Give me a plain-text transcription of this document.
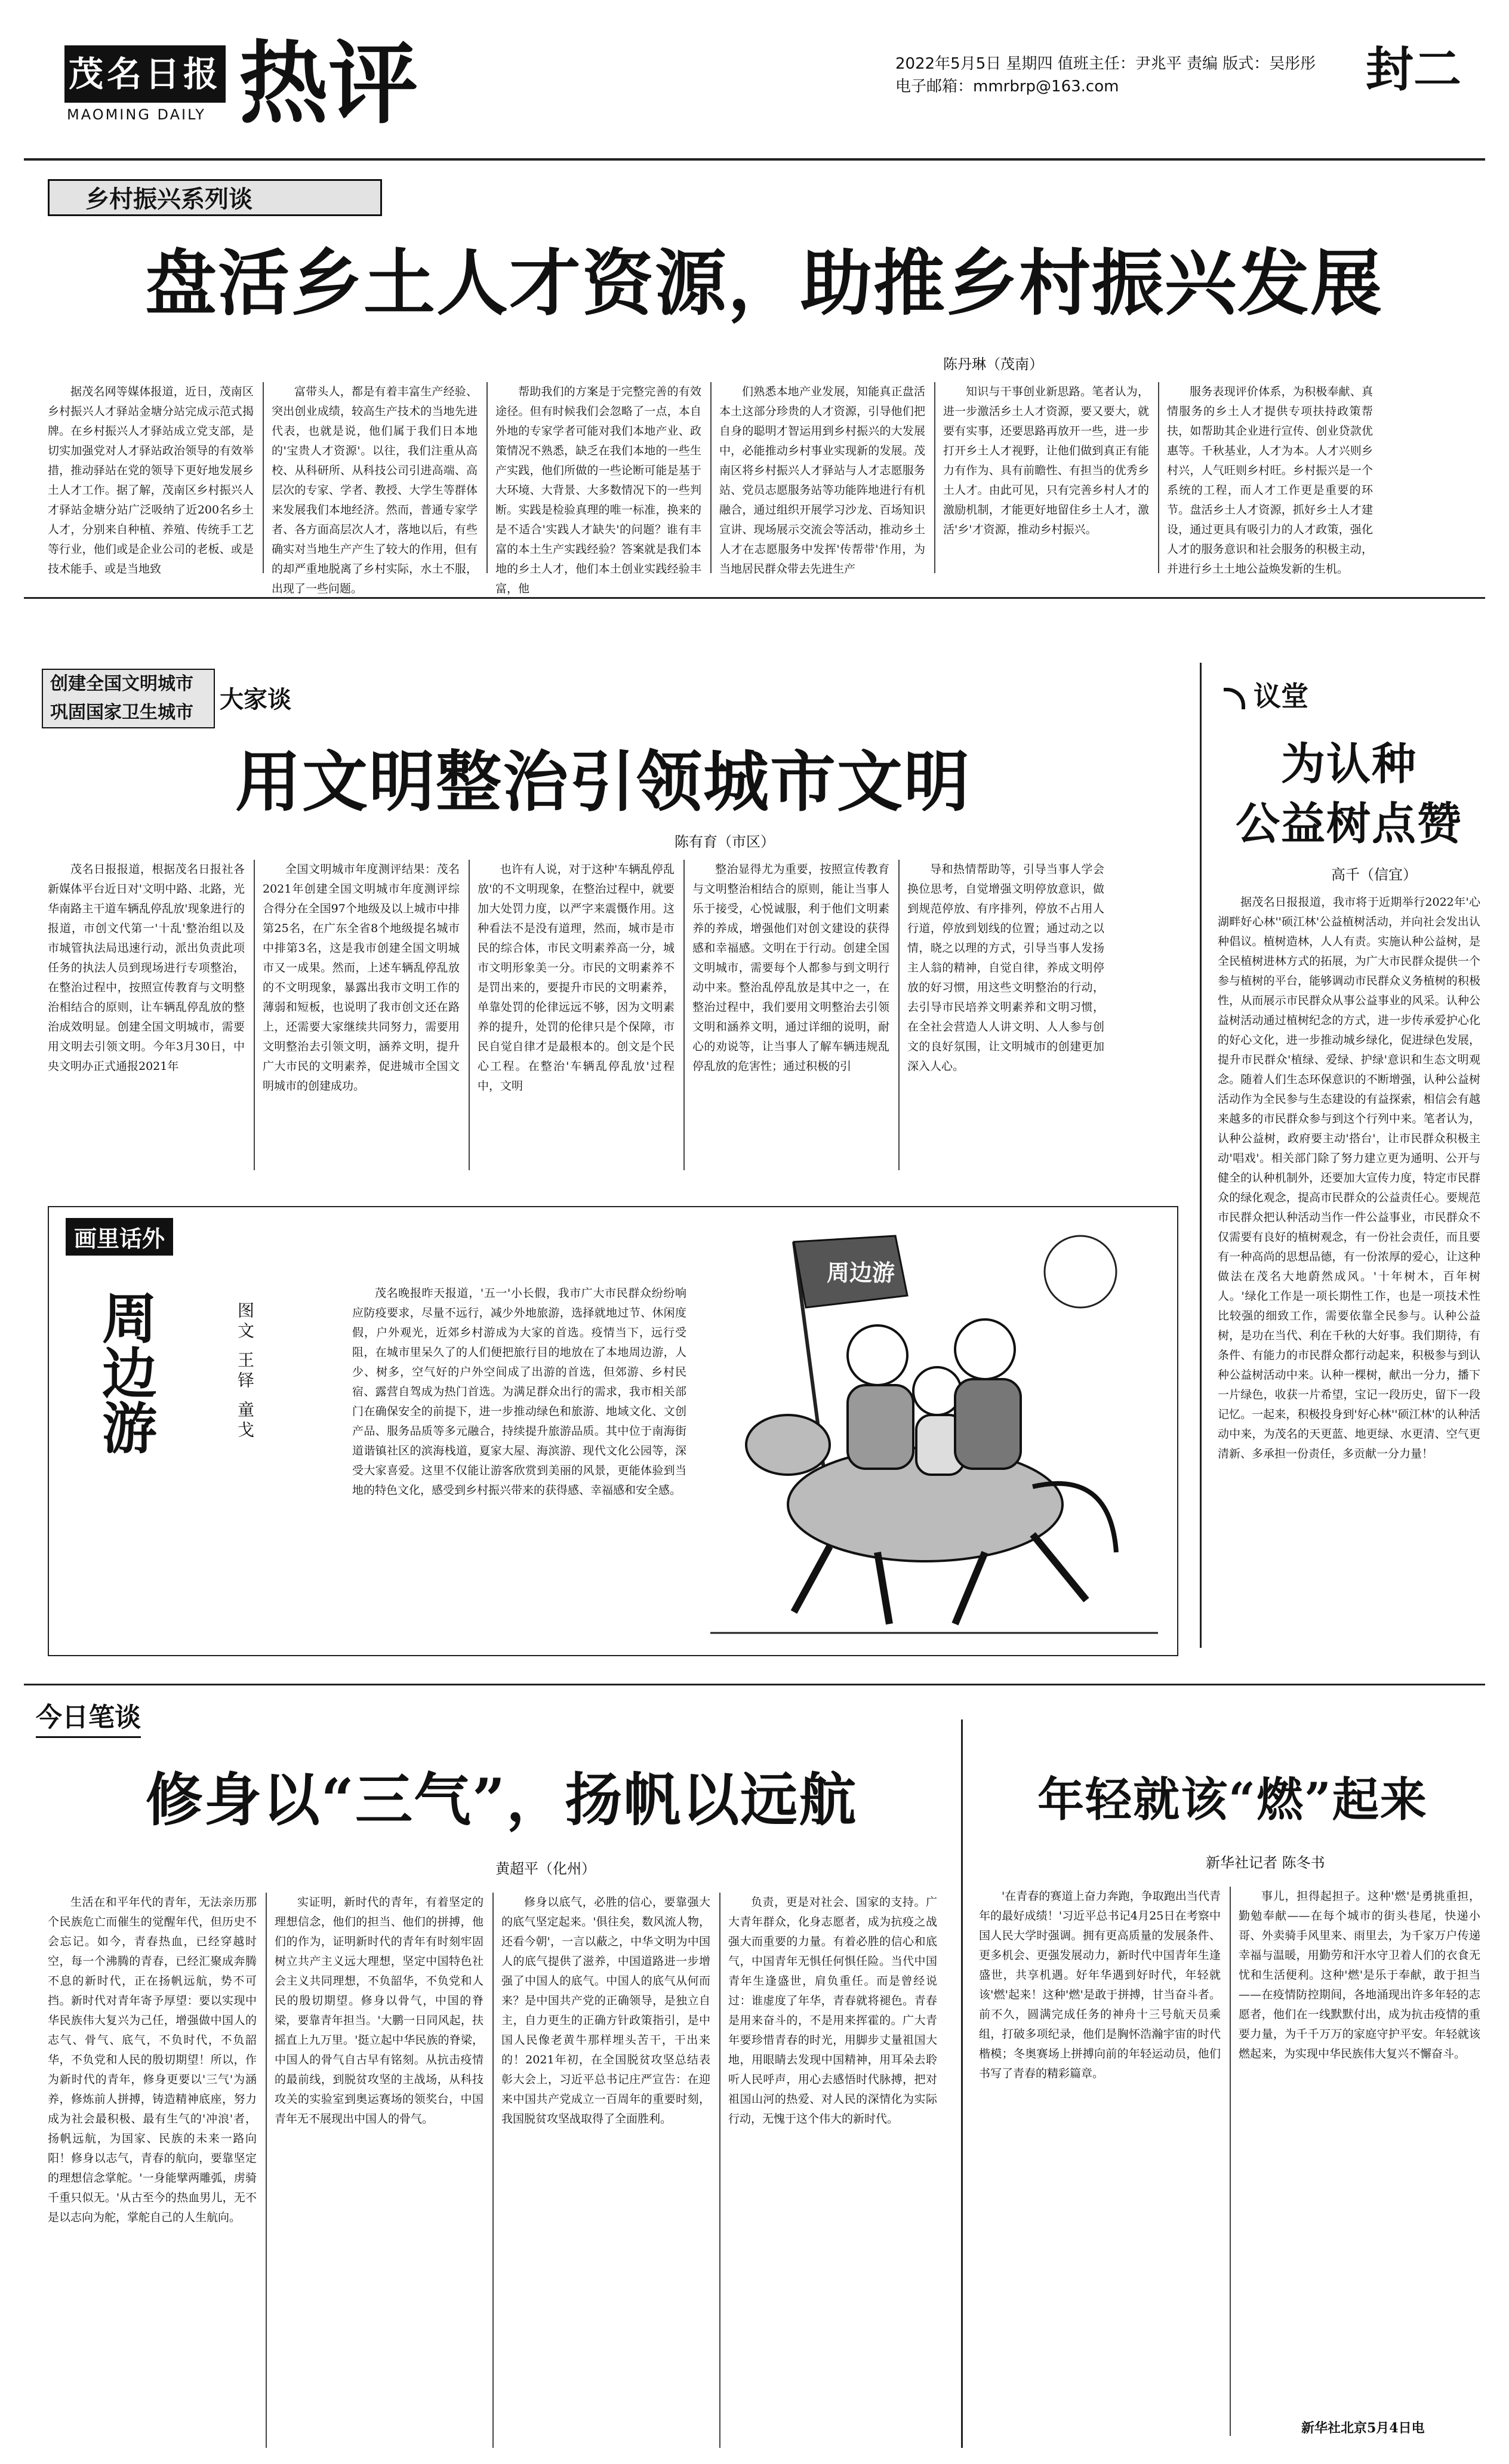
茂名日报
MAOMING DAILY 热评	2022年5月5日 星期四 值班主任：尹兆平 责编 版式：吴彤彤
电子邮箱：mmrbrp@163.com	封二
乡村振兴系列谈
盘活乡土人才资源，助推乡村振兴发展
陈丹琳（茂南）

据茂名网等媒体报道，近日，茂南区乡村振兴人才驿站金塘分站完成示范式揭牌。在乡村振兴人才驿站成立党支部，是切实加强党对人才驿站政治领导的有效举措，推动驿站在党的领导下更好地发展乡土人才工作。据了解，茂南区乡村振兴人才驿站金塘分站广泛吸纳了近200名乡土人才，分别来自种植、养殖、传统手工艺等行业，他们或是企业公司的老板、或是技术能手、或是当地致

富带头人，都是有着丰富生产经验、突出创业成绩，较高生产技术的当地先进代表，也就是说，他们属于我们日本地的'宝贵人才资源'。以往，我们注重从高校、从科研所、从科技公司引进高端、高层次的专家、学者、教授、大学生等群体来发展我们本地经济。然而，普通专家学者、各方面高层次人才，落地以后，有些确实对当地生产产生了较大的作用，但有的却严重地脱离了乡村实际，水土不服，出现了一些问题。

帮助我们的方案是于完整完善的有效途径。但有时候我们会忽略了一点，本自外地的专家学者可能对我们本地产业、政策情况不熟悉，缺乏在我们本地的一些生产实践，他们所做的一些论断可能是基于大环境、大背景、大多数情况下的一些判断。实践是检验真理的唯一标准，换来的是不适合'实践人才缺失'的问题？谁有丰富的本土生产实践经验？答案就是我们本地的乡土人才，他们本土创业实践经验丰富，他

们熟悉本地产业发展，知能真正盘活本土这部分珍贵的人才资源，引导他们把自身的聪明才智运用到乡村振兴的大发展中，必能推动乡村事业实现新的发展。茂南区将乡村振兴人才驿站与人才志愿服务站、党员志愿服务站等功能阵地进行有机融合，通过组织开展学习沙龙、百场知识宣讲、现场展示交流会等活动，推动乡土人才在志愿服务中发挥'传帮带'作用，为当地居民群众带去先进生产

知识与干事创业新思路。笔者认为，进一步激活乡土人才资源，要又要大，就要有实事，还要思路再放开一些，进一步打开乡土人才视野，让他们做到真正有能力有作为、具有前瞻性、有担当的优秀乡土人才。由此可见，只有完善乡村人才的激励机制，才能更好地留住乡土人才，激活'乡'才资源，推动乡村振兴。

服务表现评价体系，为积极奉献、真情服务的乡土人才提供专项扶持政策帮扶，如帮助其企业进行宣传、创业贷款优惠等。千秋基业，人才为本。人才兴则乡村兴，人气旺则乡村旺。乡村振兴是一个系统的工程，而人才工作更是重要的环节。盘活乡土人才资源，抓好乡土人才建设，通过更具有吸引力的人才政策，强化人才的服务意识和社会服务的积极主动，并进行乡土土地公益焕发新的生机。

创建全国文明城市
巩固国家卫生城市	大家谈
用文明整治引领城市文明
陈有育（市区）

茂名日报报道，根据茂名日报社各新媒体平台近日对'文明中路、北路，光华南路主干道车辆乱停乱放'现象进行的报道，市创文代第一'十乱'整治组以及市城管执法局迅速行动，派出负责此项任务的执法人员到现场进行专项整治，在整治过程中，按照宣传教育与文明整治相结合的原则，让车辆乱停乱放的整治成效明显。创建全国文明城市，需要用文明去引领文明。今年3月30日，中央文明办正式通报2021年

全国文明城市年度测评结果：茂名2021年创建全国文明城市年度测评综合得分在全国97个地级及以上城市中排第25名，在广东全省8个地级提名城市中排第3名，这是我市创建全国文明城市又一成果。然而，上述车辆乱停乱放的不文明现象，暴露出我市文明工作的薄弱和短板，也说明了我市创文还在路上，还需要大家继续共同努力，需要用文明整治去引领文明，涵养文明，提升广大市民的文明素养，促进城市全国文明城市的创建成功。

也许有人说，对于这种'车辆乱停乱放'的不文明现象，在整治过程中，就要加大处罚力度，以严字来震慑作用。这种看法不是没有道理，然而，城市是市民的综合体，市民文明素养高一分，城市文明形象美一分。市民的文明素养不是罚出来的，要提升市民的文明素养，单靠处罚的伦律远远不够，因为文明素养的提升，处罚的伦律只是个保障，市民自觉自律才是最根本的。创文是个民心工程。在整治'车辆乱停乱放'过程中，文明

整治显得尤为重要，按照宣传教育与文明整治相结合的原则，能让当事人乐于接受，心悦诚服，利于他们文明素养的养成，增强他们对创文建设的获得感和幸福感。文明在于行动。创建全国文明城市，需要每个人都参与到文明行动中来。整治乱停乱放是其中之一，在整治过程中，我们要用文明整治去引领文明和涵养文明，通过详细的说明，耐心的劝说等，让当事人了解车辆违规乱停乱放的危害性；通过积极的引

导和热情帮助等，引导当事人学会换位思考，自觉增强文明停放意识，做到规范停放、有序排列，停放不占用人行道，停放到划线的位置；通过动之以情，晓之以理的方式，引导当事人发扬主人翁的精神，自觉自律，养成文明停放的好习惯，用这些文明整治的行动，去引导市民培养文明素养和文明习惯，在全社会营造人人讲文明、人人参与创文的良好氛围，让文明城市的创建更加深入人心。

议堂
为认种
公益树点赞
高千（信宜）

据茂名日报报道，我市将于近期举行2022年'心湖畔好心林''硕江林'公益植树活动，并向社会发出认种倡议。植树造林，人人有责。实施认种公益树，是全民植树进林方式的拓展，为广大市民群众提供一个参与植树的平台，能够调动市民群众义务植树的积极性，从而展示市民群众从事公益事业的风采。认种公益树活动通过植树纪念的方式，进一步传承爱护心化的好心文化，进一步推动城乡绿化，促进绿色发展，提升市民群众'植绿、爱绿、护绿'意识和生态文明观念。随着人们生态环保意识的不断增强，认种公益树活动作为全民参与生态建设的有益探索，相信会有越来越多的市民群众参与到这个行列中来。笔者认为，认种公益树，政府要主动'搭台'，让市民群众积极主动'唱戏'。相关部门除了努力建立更为通明、公开与健全的认种机制外，还要加大宣传力度，特定市民群众的绿化观念，提高市民群众的公益责任心。要规范市民群众把认种活动当作一件公益事业，市民群众不仅需要有良好的植树观念，有一份社会责任，而且要有一种高尚的思想品德，有一份浓厚的爱心，让这种做法在茂名大地蔚然成风。'十年树木，百年树人。'绿化工作是一项长期性工作，也是一项技术性比较强的细致工作，需要依靠全民参与。认种公益树，是功在当代、利在千秋的大好事。我们期待，有条件、有能力的市民群众都行动起来，积极参与到认种公益树活动中来。认种一棵树，献出一分力，播下一片绿色，收获一片希望，宝记一段历史，留下一段记忆。一起来，积极投身到'好心林''硕江林'的认种活动中来，为茂名的天更蓝、地更绿、水更清、空气更清新、多承担一份责任，多贡献一分力量！

画里话外
周边游	图文 王铎 童戈

茂名晚报昨天报道，'五一'小长假，我市广大市民群众纷纷响应防疫要求，尽量不远行，减少外地旅游，选择就地过节、休闲度假，户外观光，近郊乡村游成为大家的首选。疫情当下，远行受阻，在城市里呆久了的人们便把旅行目的地放在了本地周边游，人少、树多，空气好的户外空间成了出游的首选，但郊游、乡村民宿、露营自驾成为热门首选。为满足群众出行的需求，我市相关部门在确保安全的前提下，进一步推动绿色和旅游、地域文化、文创产品、服务品质等多元融合，持续提升旅游品质。其中位于南海街道谐镇社区的滨海栈道，夏家大屋、海滨游、现代文化公园等，深受大家喜爱。这里不仅能让游客欣赏到美丽的风景，更能体验到当地的特色文化，感受到乡村振兴带来的获得感、幸福感和安全感。

周边游
今日笔谈
修身以“三气”，扬帆以远航
黄超平（化州）

生活在和平年代的青年，无法亲历那个民族危亡而催生的觉醒年代，但历史不会忘记。如今，青春热血，已经穿越时空，每一个沸腾的青春，已经汇聚成奔腾不息的新时代，正在扬帆远航，势不可挡。新时代对青年寄予厚望：要以实现中华民族伟大复兴为己任，增强做中国人的志气、骨气、底气，不负时代，不负韶华，不负党和人民的殷切期望！所以，作为新时代的青年，修身更要以'三气'为涵养，修炼前人拼搏，铸造精神底座，努力成为社会最积极、最有生气的'冲浪'者，扬帆远航，为国家、民族的未来一路向阳！修身以志气，青春的航向，要靠坚定的理想信念掌舵。'一身能擘两雕弧，虏骑千重只似无。'从古至今的热血男儿，无不是以志向为舵，掌舵自己的人生航向。

实证明，新时代的青年，有着坚定的理想信念，他们的担当、他们的拼搏，他们的作为，证明新时代的青年有时刻牢固树立共产主义远大理想，坚定中国特色社会主义共同理想，不负韶华，不负党和人民的殷切期望。修身以骨气，中国的脊梁，要靠青年担当。'大鹏一日同风起，扶摇直上九万里。'挺立起中华民族的脊梁，中国人的骨气自古早有铭刻。从抗击疫情的最前线，到脱贫攻坚的主战场，从科技攻关的实验室到奥运赛场的领奖台，中国青年无不展现出中国人的骨气。

修身以底气，必胜的信心，要靠强大的底气坚定起来。'俱往矣，数风流人物，还看今朝'，一言以蔽之，中华文明为中国人的底气提供了滋养，中国道路进一步增强了中国人的底气。中国人的底气从何而来？是中国共产党的正确领导，是独立自主，自力更生的正确方针政策指引，是中国人民像老黄牛那样埋头苦干，干出来的！2021年初，在全国脱贫攻坚总结表彰大会上，习近平总书记庄严宣告：在迎来中国共产党成立一百周年的重要时刻，我国脱贫攻坚战取得了全面胜利。

负责，更是对社会、国家的支持。广大青年群众，化身志愿者，成为抗疫之战强大而重要的力量。有着必胜的信心和底气，中国青年无惧任何惧任险。当代中国青年生逢盛世，肩负重任。而是曾经说过：谁虚度了年华，青春就将褪色。青春是用来奋斗的，不是用来挥霍的。广大青年要珍惜青春的时光，用脚步丈量祖国大地，用眼睛去发现中国精神，用耳朵去聆听人民呼声，用心去感悟时代脉搏，把对祖国山河的热爱、对人民的深情化为实际行动，无愧于这个伟大的新时代。

年轻就该“燃”起来
新华社记者 陈冬书

'在青春的赛道上奋力奔跑，争取跑出当代青年的最好成绩！'习近平总书记4月25日在考察中国人民大学时强调。拥有更高质量的发展条件、更多机会、更强发展动力，新时代中国青年生逢盛世，共享机遇。好年华遇到好时代，年轻就该'燃'起来！这种'燃'是敢于拼搏，甘当奋斗者。前不久，圆满完成任务的神舟十三号航天员乘组，打破多项纪录，他们是胸怀浩瀚宇宙的时代楷模；冬奥赛场上拼搏向前的年轻运动员，他们书写了青春的精彩篇章。

事儿，担得起担子。这种'燃'是勇挑重担，勤勉奉献——在每个城市的街头巷尾，快递小哥、外卖骑手风里来、雨里去，为千家万户传递幸福与温暖，用勤劳和汗水守卫着人们的衣食无忧和生活便利。这种'燃'是乐于奉献，敢于担当——在疫情防控期间，各地涌现出许多年轻的志愿者，他们在一线默默付出，成为抗击疫情的重要力量，为千千万万的家庭守护平安。年轻就该燃起来，为实现中华民族伟大复兴不懈奋斗。

新华社北京5月4日电
